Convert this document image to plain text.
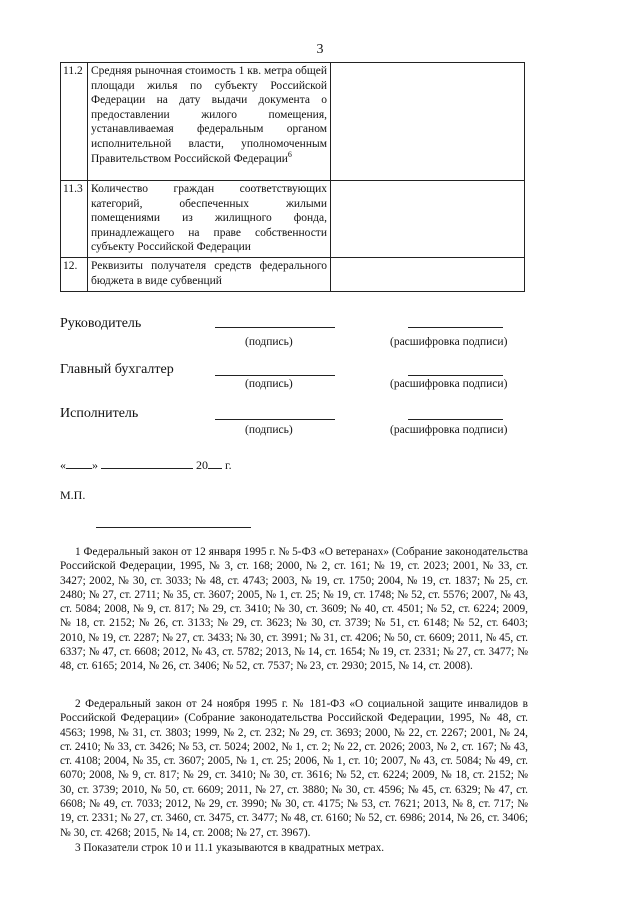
3
11.2	Средняя рыночная стоимость 1 кв. метра общей площади жилья по субъекту Российской Федерации на дату выдачи документа о предоставлении жилого помещения, устанавливаемая федеральным органом исполнительной власти, уполномоченным Правительством Российской Федерации$^6$	
11.3	Количество граждан соответствующих категорий, обеспеченных жилыми помещениями из жилищного фонда, принадлежащего на праве собственности субъекту Российской Федерации	
12.	Реквизиты получателя средств федерального бюджета в виде субвенций	
Руководитель
(подпись)	(расшифровка подписи)
Главный бухгалтер
(подпись)	(расшифровка подписи)
Исполнитель
(подпись)	(расшифровка подписи)
« »	20 г.
М.П.

1 Федеральный закон от 12 января 1995 г. № 5-ФЗ «О ветеранах» (Собрание законодательства Российской Федерации, 1995, № 3, ст. 168; 2000, № 2, ст. 161; № 19, ст. 2023; 2001, № 33, ст. 3427; 2002, № 30, ст. 3033; № 48, ст. 4743; 2003, № 19, ст. 1750; 2004, № 19, ст. 1837; № 25, ст. 2480; № 27, ст. 2711; № 35, ст. 3607; 2005, № 1, ст. 25; № 19, ст. 1748; № 52, ст. 5576; 2007, № 43, ст. 5084; 2008, № 9, ст. 817; № 29, ст. 3410; № 30, ст. 3609; № 40, ст. 4501; № 52, ст. 6224; 2009, № 18, ст. 2152; № 26, ст. 3133; № 29, ст. 3623; № 30, ст. 3739; № 51, ст. 6148; № 52, ст. 6403; 2010, № 19, ст. 2287; № 27, ст. 3433; № 30, ст. 3991; № 31, ст. 4206; № 50, ст. 6609; 2011, № 45, ст. 6337; № 47, ст. 6608; 2012, № 43, ст. 5782; 2013, № 14, ст. 1654; № 19, ст. 2331; № 27, ст. 3477; № 48, ст. 6165; 2014, № 26, ст. 3406; № 52, ст. 7537; № 23, ст. 2930; 2015, № 14, ст. 2008).

2 Федеральный закон от 24 ноября 1995 г. № 181-ФЗ «О социальной защите инвалидов в Российской Федерации» (Собрание законодательства Российской Федерации, 1995, № 48, ст. 4563; 1998, № 31, ст. 3803; 1999, № 2, ст. 232; № 29, ст. 3693; 2000, № 22, ст. 2267; 2001, № 24, ст. 2410; № 33, ст. 3426; № 53, ст. 5024; 2002, № 1, ст. 2; № 22, ст. 2026; 2003, № 2, ст. 167; № 43, ст. 4108; 2004, № 35, ст. 3607; 2005, № 1, ст. 25; 2006, № 1, ст. 10; 2007, № 43, ст. 5084; № 49, ст. 6070; 2008, № 9, ст. 817; № 29, ст. 3410; № 30, ст. 3616; № 52, ст. 6224; 2009, № 18, ст. 2152; № 30, ст. 3739; 2010, № 50, ст. 6609; 2011, № 27, ст. 3880; № 30, ст. 4596; № 45, ст. 6329; № 47, ст. 6608; № 49, ст. 7033; 2012, № 29, ст. 3990; № 30, ст. 4175; № 53, ст. 7621; 2013, № 8, ст. 717; № 19, ст. 2331; № 27, ст. 3460, ст. 3475, ст. 3477; № 48, ст. 6160; № 52, ст. 6986; 2014, № 26, ст. 3406; № 30, ст. 4268; 2015, № 14, ст. 2008; № 27, ст. 3967).

3 Показатели строк 10 и 11.1 указываются в квадратных метрах.
